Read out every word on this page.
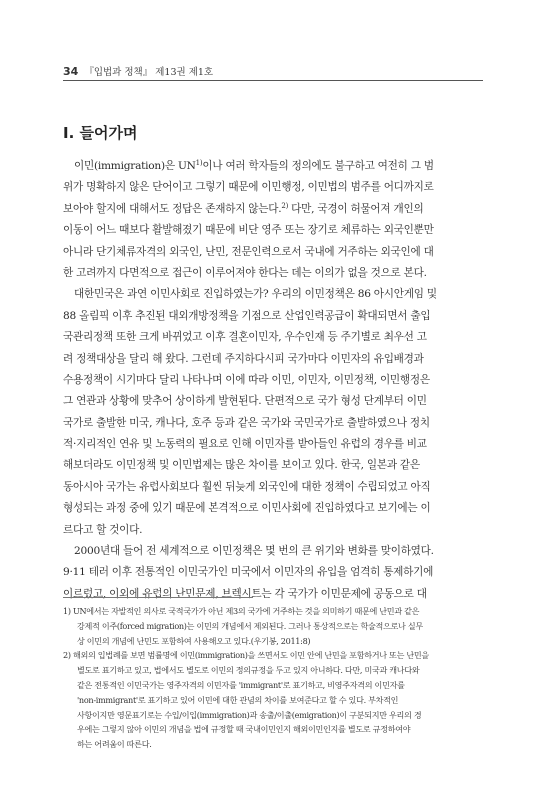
34 『입법과 정책』 제13권 제1호
Ⅰ. 들어가며
이민(immigration)은 UN$^{1)}$이나 여러 학자들의 정의에도 불구하고 여전히 그 범
위가 명확하지 않은 단어이고 그렇기 때문에 이민행정, 이민법의 범주를 어디까지로
보아야 할지에 대해서도 정답은 존재하지 않는다.$^{2)}$ 다만, 국경이 허물어져 개인의
이동이 어느 때보다 활발해졌기 때문에 비단 영주 또는 장기로 체류하는 외국인뿐만
아니라 단기체류자격의 외국인, 난민, 전문인력으로서 국내에 거주하는 외국인에 대
한 고려까지 다면적으로 접근이 이루어져야 한다는 데는 이의가 없을 것으로 본다.
대한민국은 과연 이민사회로 진입하였는가? 우리의 이민정책은 86 아시안게임 및
88 올림픽 이후 추진된 대외개방정책을 기점으로 산업인력공급이 확대되면서 출입
국관리정책 또한 크게 바뀌었고 이후 결혼이민자, 우수인재 등 주기별로 최우선 고
려 정책대상을 달리 해 왔다. 그런데 주지하다시피 국가마다 이민자의 유입배경과
수용정책이 시기마다 달리 나타나며 이에 따라 이민, 이민자, 이민정책, 이민행정은
그 연관과 상황에 맞추어 상이하게 발현된다. 단편적으로 국가 형성 단계부터 이민
국가로 출발한 미국, 캐나다, 호주 등과 같은 국가와 국민국가로 출발하였으나 정치
적·지리적인 연유 및 노동력의 필요로 인해 이민자를 받아들인 유럽의 경우를 비교
해보더라도 이민정책 및 이민법제는 많은 차이를 보이고 있다. 한국, 일본과 같은
동아시아 국가는 유럽사회보다 훨씬 뒤늦게 외국인에 대한 정책이 수립되었고 아직
형성되는 과정 중에 있기 때문에 본격적으로 이민사회에 진입하였다고 보기에는 이
르다고 할 것이다.
2000년대 들어 전 세계적으로 이민정책은 몇 번의 큰 위기와 변화를 맞이하였다.
9·11 테러 이후 전통적인 이민국가인 미국에서 이민자의 유입을 엄격히 통제하기에
이르렀고, 이외에 유럽의 난민문제, 브렉시트는 각 국가가 이민문제에 공동으로 대
1) UN에서는 자발적인 의사로 국적국가가 아닌 제3의 국가에 거주하는 것을 의미하기 때문에 난민과 같은
강제적 이주(forced migration)는 이민의 개념에서 제외된다. 그러나 통상적으로는 학술적으로나 실무
상 이민의 개념에 난민도 포함하여 사용해오고 있다.(우기봉, 2011:8)
2) 해외의 입법례를 보면 범률명에 이민(immigration)을 쓰면서도 이민 안에 난민을 포함하거나 또는 난민을
별도로 표기하고 있고, 법에서도 별도로 이민의 정의규정을 두고 있지 아니하다. 다만, 미국과 캐나다와
같은 전통적인 이민국가는 영주자격의 이민자를 'immigrant'로 표기하고, 비영주자격의 이민자를
'non-immigrant'로 표기하고 있어 이민에 대한 관념의 차이를 보여준다고 할 수 있다. 부차적인
사항이지만 영문표기로는 수입/이입(immigration)과 송출/이출(emigration)이 구분되지만 우리의 경
우에는 그렇지 않아 이민의 개념을 법에 규정할 때 국내이민인지 해외이민인지를 별도로 규정하여야
하는 어려움이 따른다.
